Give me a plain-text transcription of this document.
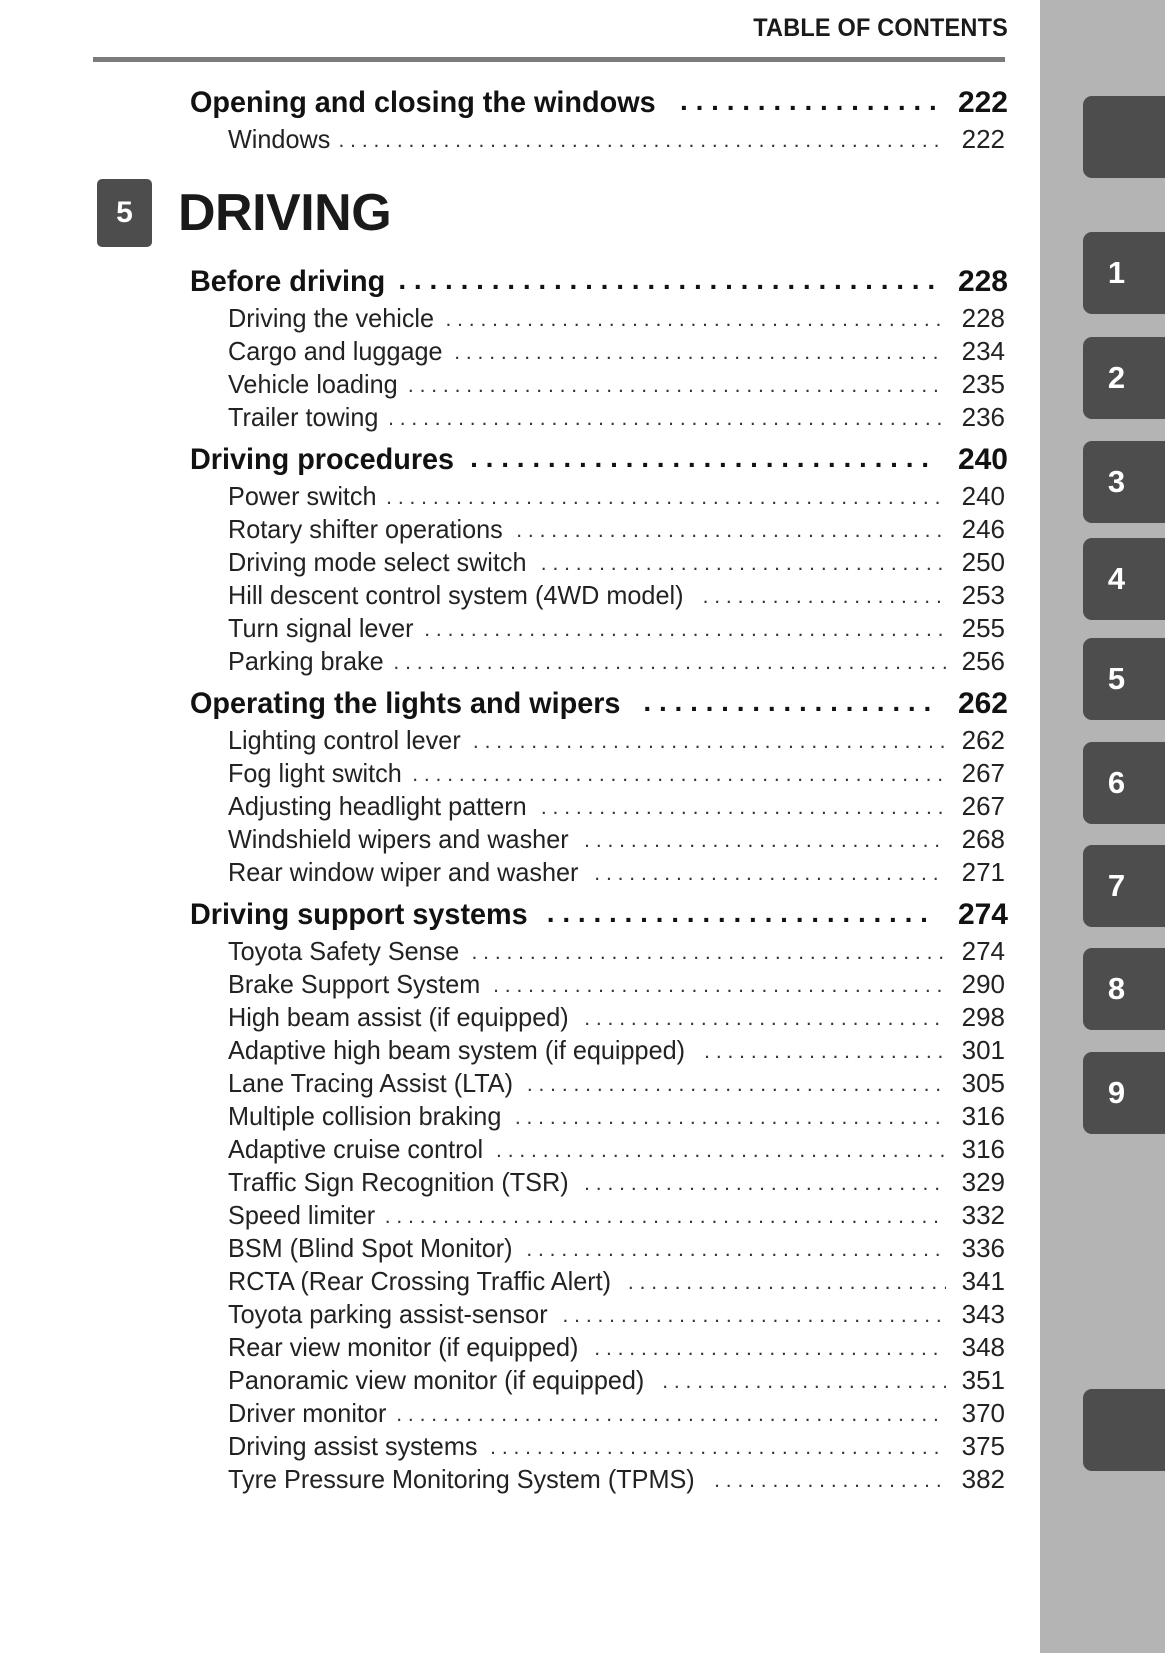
TABLE OF CONTENTS
Opening and closing the windows . . .	222
Windows . . .	222
5 DRIVING
Before driving . . .	228
Driving the vehicle . . .	228
Cargo and luggage . . .	234
Vehicle loading . . .	235
Trailer towing . . .	236
Driving procedures . . .	240
Power switch . . .	240
Rotary shifter operations . . .	246
Driving mode select switch . . .	250
Hill descent control system (4WD model) . . .	253
Turn signal lever . . .	255
Parking brake . . .	256
Operating the lights and wipers . . .	262
Lighting control lever . . .	262
Fog light switch . . .	267
Adjusting headlight pattern . . .	267
Windshield wipers and washer . . .	268
Rear window wiper and washer . . .	271
Driving support systems . . .	274
Toyota Safety Sense . . .	274
Brake Support System . . .	290
High beam assist (if equipped) . . .	298
Adaptive high beam system (if equipped) . . .	301
Lane Tracing Assist (LTA) . . .	305
Multiple collision braking . . .	316
Adaptive cruise control . . .	316
Traffic Sign Recognition (TSR) . . .	329
Speed limiter . . .	332
BSM (Blind Spot Monitor) . . .	336
RCTA (Rear Crossing Traffic Alert) . . .	341
Toyota parking assist-sensor . . .	343
Rear view monitor (if equipped) . . .	348
Panoramic view monitor (if equipped) . . .	351
Driver monitor . . .	370
Driving assist systems . . .	375
Tyre Pressure Monitoring System (TPMS) . . .	382
1
2
3
4
5
6
7
8
9
